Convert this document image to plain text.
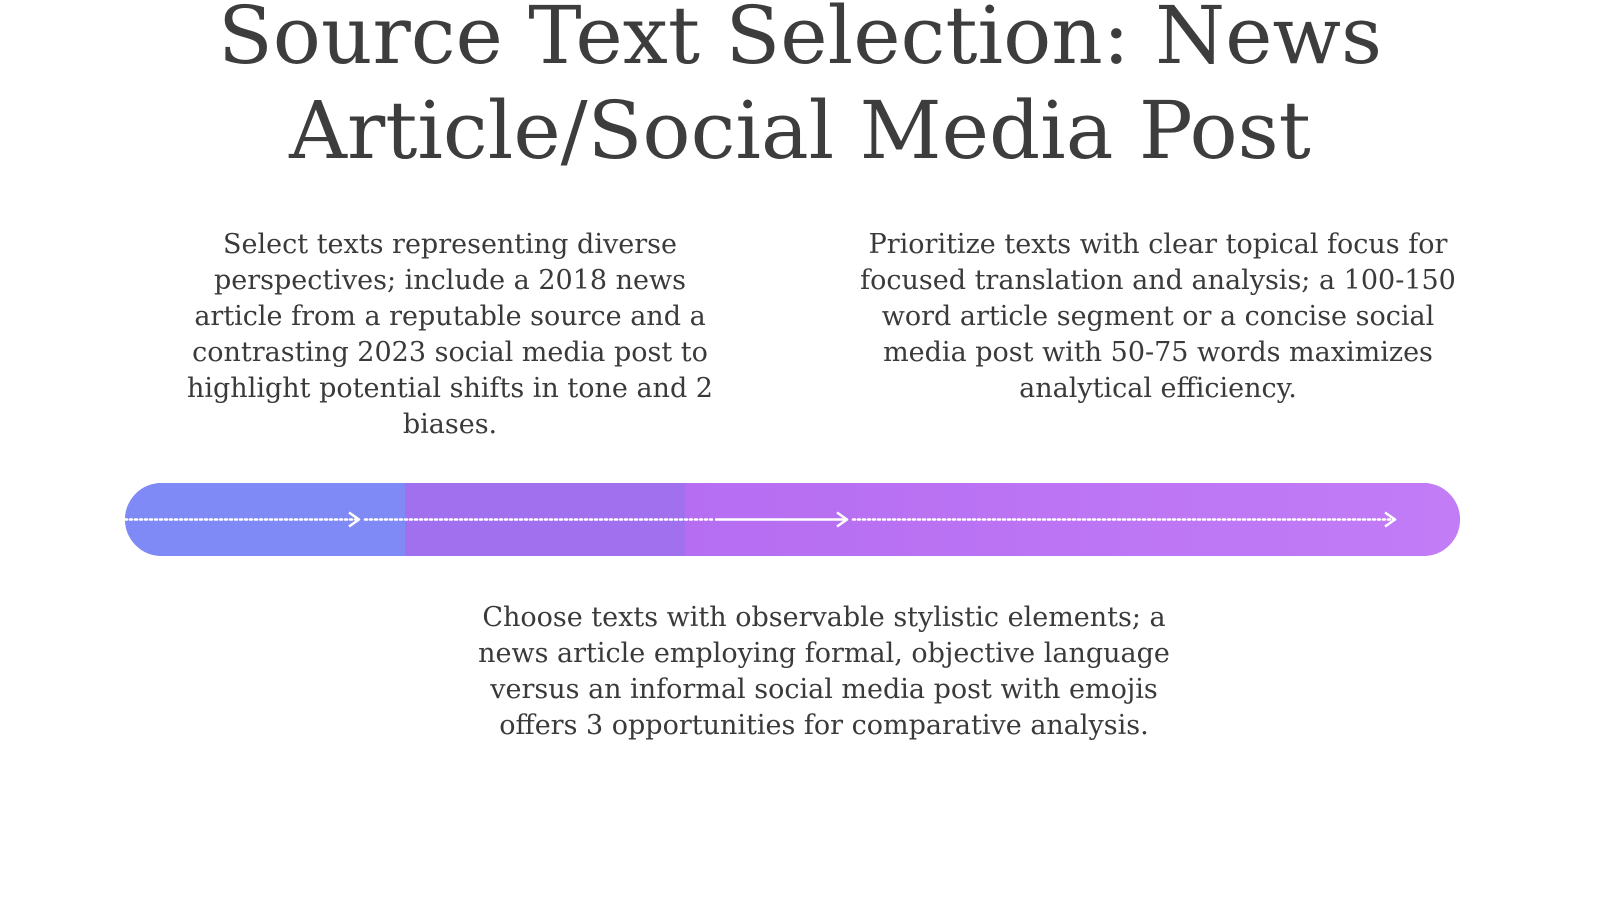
Source Text Selection: News Article/Social Media Post

Select texts representing diverse perspectives; include a 2018 news article from a reputable source and a contrasting 2023 social media post to highlight potential shifts in tone and 2 biases.

Prioritize texts with clear topical focus for focused translation and analysis; a 100-150 word article segment or a concise social media post with 50-75 words maximizes analytical efficiency.

Choose texts with observable stylistic elements; a news article employing formal, objective language versus an informal social media post with emojis offers 3 opportunities for comparative analysis.
